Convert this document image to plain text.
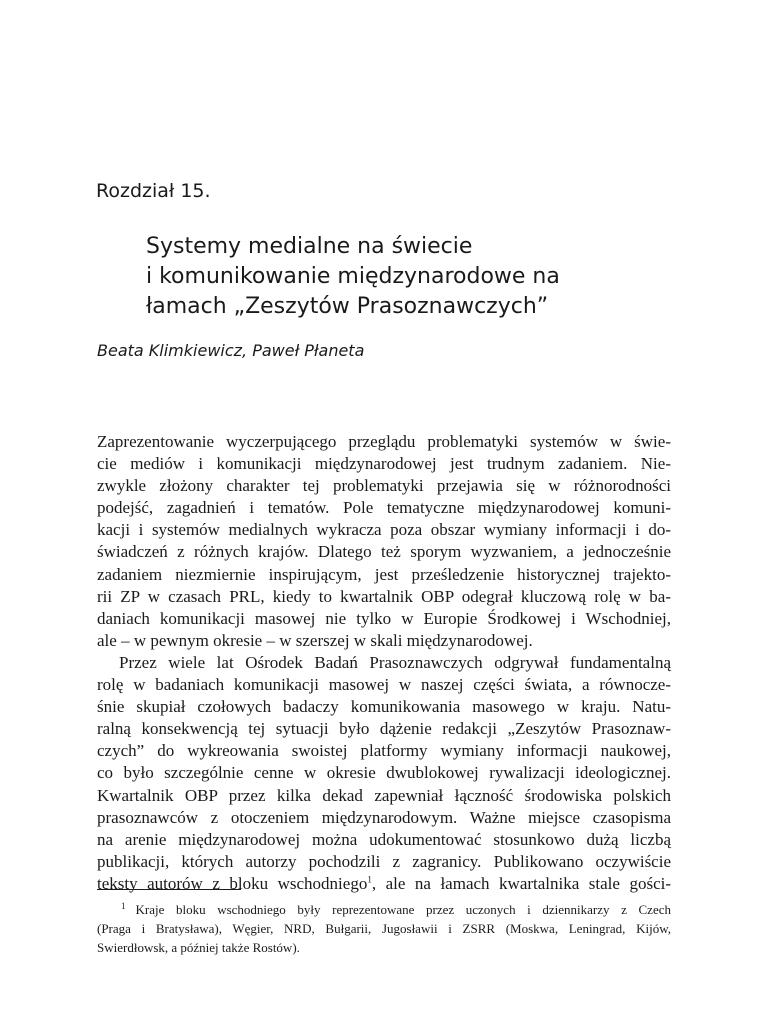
Rozdział 15.
Systemy medialne na świecie
i komunikowanie międzynarodowe na
łamach „Zeszytów Prasoznawczych”
Beata Klimkiewicz, Paweł Płaneta
Zaprezentowanie wyczerpującego przeglądu problematyki systemów w świe-
cie mediów i komunikacji międzynarodowej jest trudnym zadaniem. Nie-
zwykle złożony charakter tej problematyki przejawia się w różnorodności
podejść, zagadnień i tematów. Pole tematyczne międzynarodowej komuni-
kacji i systemów medialnych wykracza poza obszar wymiany informacji i do-
świadczeń z różnych krajów. Dlatego też sporym wyzwaniem, a jednocześnie
zadaniem niezmiernie inspirującym, jest prześledzenie historycznej trajekto-
rii ZP w czasach PRL, kiedy to kwartalnik OBP odegrał kluczową rolę w ba-
daniach komunikacji masowej nie tylko w Europie Środkowej i Wschodniej,
ale – w pewnym okresie – w szerszej w skali międzynarodowej.
Przez wiele lat Ośrodek Badań Prasoznawczych odgrywał fundamentalną
rolę w badaniach komunikacji masowej w naszej części świata, a równocze-
śnie skupiał czołowych badaczy komunikowania masowego w kraju. Natu-
ralną konsekwencją tej sytuacji było dążenie redakcji „Zeszytów Prasoznaw-
czych” do wykreowania swoistej platformy wymiany informacji naukowej,
co było szczególnie cenne w okresie dwublokowej rywalizacji ideologicznej.
Kwartalnik OBP przez kilka dekad zapewniał łączność środowiska polskich
prasoznawców z otoczeniem międzynarodowym. Ważne miejsce czasopisma
na arenie międzynarodowej można udokumentować stosunkowo dużą liczbą
publikacji, których autorzy pochodzili z zagranicy. Publikowano oczywiście
teksty autorów z bloku wschodniego$^1$, ale na łamach kwartalnika stale gości-
$^1$ Kraje bloku wschodniego były reprezentowane przez uczonych i dziennikarzy z Czech
(Praga i Bratysława), Węgier, NRD, Bułgarii, Jugosławii i ZSRR (Moskwa, Leningrad, Kijów,
Swierdłowsk, a później także Rostów).
